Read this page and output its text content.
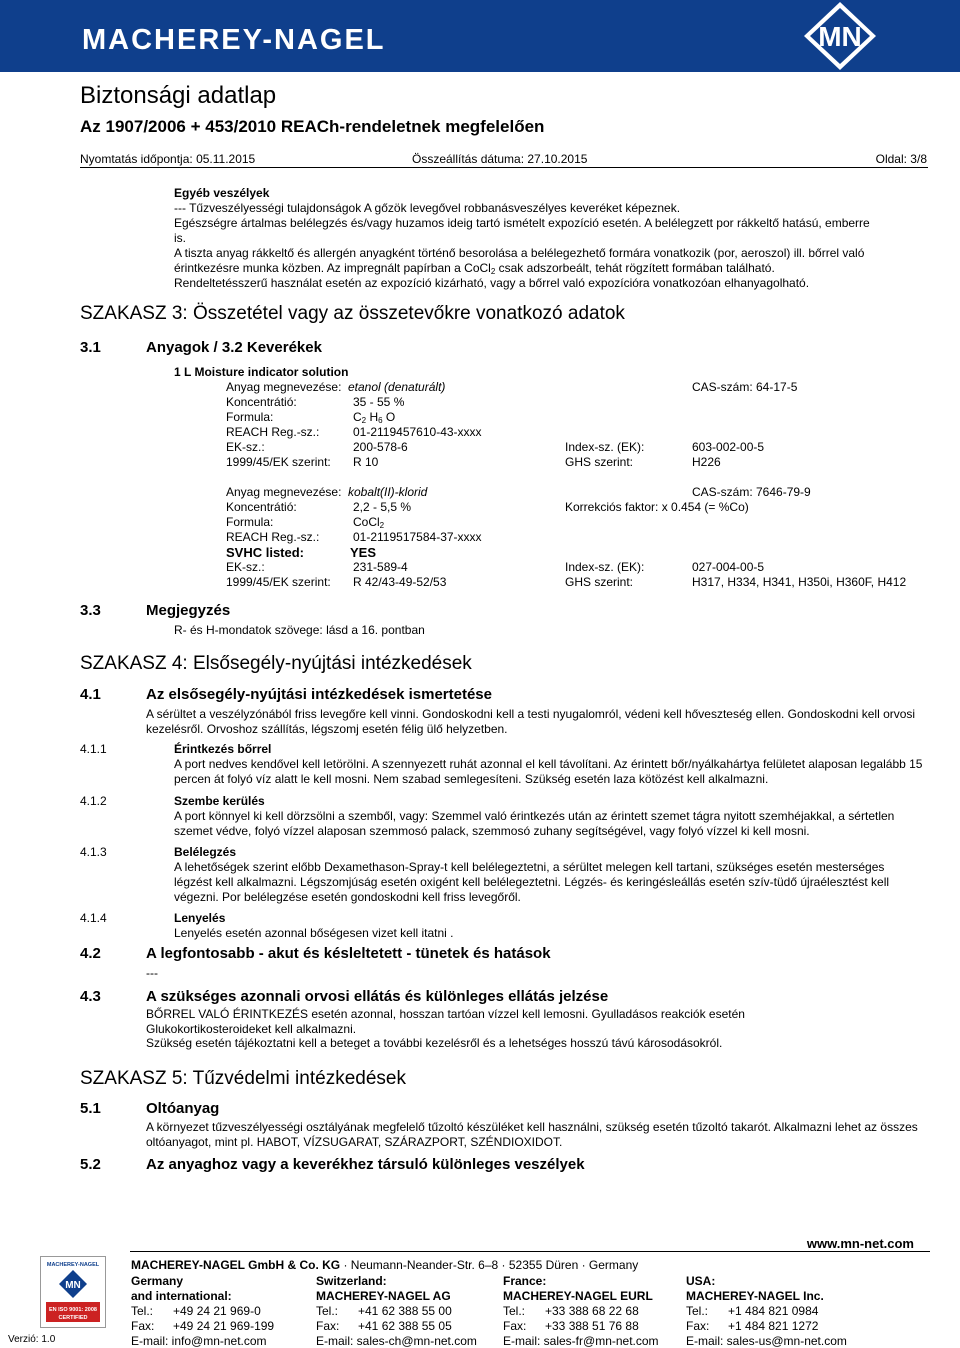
MACHEREY-NAGEL	MN
Biztonsági adatlap
Az 1907/2006 + 453/2010 REACh-rendeletnek megfelelően
Nyomtatás időpontja: 05.11.2015	Összeállítás dátuma: 27.10.2015	Oldal: 3/8
Egyéb veszélyek
--- Tűzveszélyességi tulajdonságok A gőzök levegővel robbanásveszélyes keveréket képeznek.
Egészségre ártalmas belélegzés és/vagy huzamos ideig tartó ismételt expozíció esetén. A belélegzett por rákkeltő hatású, emberre
is.
A tiszta anyag rákkeltő és allergén anyagként történő besorolása a belélegezhető formára vonatkozik (por, aeroszol) ill. bőrrel való
érintkezésre munka közben. Az impregnált papírban a CoCl$_2$ csak adszorbeált, tehát rögzített formában található.
Rendeltetésszerű használat esetén az expozíció kizárható, vagy a bőrrel való expozícióra vonatkozóan elhanyagolható.
SZAKASZ 3: Összetétel vagy az összetevőkre vonatkozó adatok
3.1	Anyagok / 3.2 Keverékek
1 L Moisture indicator solution
Anyag megnevezése: etanol (denaturált)	CAS-szám: 64-17-5
Koncentrátió:	35 - 55 %
Formula:	$C_2$ $H_6$ O
REACH Reg.-sz.:	01-2119457610-43-xxxx
EK-sz.:	200-578-6	Index-sz. (EK):	603-002-00-5
1999/45/EK szerint: R 10	GHS szerint:	H226
Anyag megnevezése: kobalt(II)-klorid	CAS-szám: 7646-79-9
Koncentrátió:	2,2 - 5,5 %	Korrekciós faktor: x 0.454 (= %Co)
Formula:	CoCl$_2$
REACH Reg.-sz.:	01-2119517584-37-xxxx
SVHC listed:	YES
EK-sz.:	231-589-4	Index-sz. (EK):	027-004-00-5
1999/45/EK szerint: R 42/43-49-52/53	GHS szerint:	H317, H334, H341, H350i, H360F, H412
3.3	Megjegyzés
R- és H-mondatok szövege: lásd a 16. pontban
SZAKASZ 4: Elsősegély-nyújtási intézkedések
4.1	Az elsősegély-nyújtási intézkedések ismertetése
A sérültet a veszélyzónából friss levegőre kell vinni. Gondoskodni kell a testi nyugalomról, védeni kell hőveszteség ellen. Gondoskodni kell orvosi kezelésről. Orvoshoz szállítás, légszomj esetén félig ülő helyzetben.
4.1.1	Érintkezés bőrrel
A port nedves kendővel kell letörölni. A szennyezett ruhát azonnal el kell távolítani. Az érintett bőr/nyálkahártya felületet alaposan legalább 15 percen át folyó víz alatt le kell mosni. Nem szabad semlegesíteni. Szükség esetén laza kötözést kell alkalmazni.
4.1.2	Szembe kerülés
A port könnyel ki kell dörzsölni a szemből, vagy: Szemmel való érintkezés után az érintett szemet tágra nyitott szemhéjakkal, a sértetlen szemet védve, folyó vízzel alaposan szemmosó palack, szemmosó zuhany segítségével, vagy folyó vízzel ki kell mosni.
4.1.3	Belélegzés
A lehetőségek szerint előbb Dexamethason-Spray-t kell belélegeztetni, a sérültet melegen kell tartani, szükséges esetén mesterséges légzést kell alkalmazni. Légszomjúság esetén oxigént kell belélegeztetni. Légzés- és keringésleállás esetén szív-tüdő újraélesztést kell végezni. Por belélegzése esetén gondoskodni kell friss levegőről.
4.1.4	Lenyelés
Lenyelés esetén azonnal bőségesen vizet kell itatni .
4.2	A legfontosabb - akut és késleltetett - tünetek és hatások
---
4.3	A szükséges azonnali orvosi ellátás és különleges ellátás jelzése
BŐRREL VALÓ ÉRINTKEZÉS esetén azonnal, hosszan tartóan vízzel kell lemosni. Gyulladásos reakciók esetén
Glukokortikosteroideket kell alkalmazni.
Szükség esetén tájékoztatni kell a beteget a további kezelésről és a lehetséges hosszú távú károsodásokról.
SZAKASZ 5: Tűzvédelmi intézkedések
5.1	Oltóanyag
A környezet tűzveszélyességi osztályának megfelelő tűzoltó készüléket kell használni, szükség esetén tűzoltó takarót. Alkalmazni lehet az összes oltóanyagot, mint pl. HABOT, VÍZSUGARAT, SZÁRAZPORT, SZÉNDIOXIDOT.
5.2	Az anyaghoz vagy a keverékhez társuló különleges veszélyek
www.mn-net.com
MACHEREY-NAGEL
MN
EN ISO 9001: 2008
CERTIFIED
Verzió: 1.0
MACHEREY-NAGEL GmbH & Co. KG · Neumann-Neander-Str. 6–8 · 52355 Düren · Germany
Germany
and international:
Tel.: +49 24 21 969-0
Fax: +49 24 21 969-199
E-mail: info@mn-net.com
Switzerland:
MACHEREY-NAGEL AG
Tel.: +41 62 388 55 00
Fax: +41 62 388 55 05
E-mail: sales-ch@mn-net.com
France:
MACHEREY-NAGEL EURL
Tel.: +33 388 68 22 68
Fax: +33 388 51 76 88
E-mail: sales-fr@mn-net.com
USA:
MACHEREY-NAGEL Inc.
Tel.: +1 484 821 0984
Fax: +1 484 821 1272
E-mail: sales-us@mn-net.com
